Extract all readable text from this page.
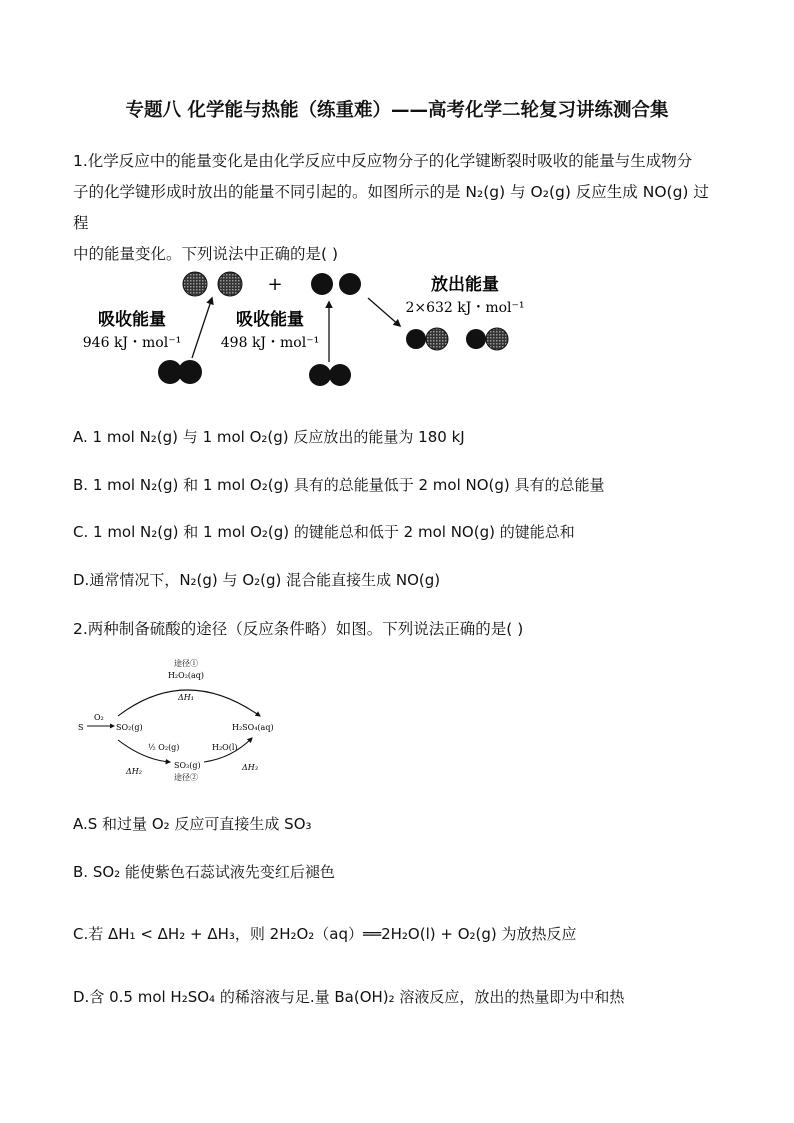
专题八 化学能与热能（练重难）——高考化学二轮复习讲练测合集
1.化学反应中的能量变化是由化学反应中反应物分子的化学键断裂时吸收的能量与生成物分
子的化学键形成时放出的能量不同引起的。如图所示的是 N₂(g) 与 O₂(g) 反应生成 NO(g) 过程
中的能量变化。下列说法中正确的是( )
+
吸收能量
946 kJ・mol⁻¹
吸收能量
498 kJ・mol⁻¹
放出能量
2×632 kJ・mol⁻¹
A. 1 mol N₂(g) 与 1 mol O₂(g) 反应放出的能量为 180 kJ
B. 1 mol N₂(g) 和 1 mol O₂(g) 具有的总能量低于 2 mol NO(g) 具有的总能量
C. 1 mol N₂(g) 和 1 mol O₂(g) 的键能总和低于 2 mol NO(g) 的键能总和
D.通常情况下，N₂(g) 与 O₂(g) 混合能直接生成 NO(g)
2.两种制备硫酸的途径（反应条件略）如图。下列说法正确的是( )
途径①
H₂O₂(aq)
ΔH₁
S
O₂
SO₂(g)	H₂SO₄(aq)
½ O₂(g)
SO₃(g)
H₂O(l)
ΔH₂	ΔH₃
途径②
A.S 和过量 O₂ 反应可直接生成 SO₃
B. SO₂ 能使紫色石蕊试液先变红后褪色
C.若 ΔH₁ < ΔH₂ + ΔH₃，则 2H₂O₂（aq）══2H₂O(l) + O₂(g) 为放热反应
D.含 0.5 mol H₂SO₄ 的稀溶液与足.量 Ba(OH)₂ 溶液反应，放出的热量即为中和热
